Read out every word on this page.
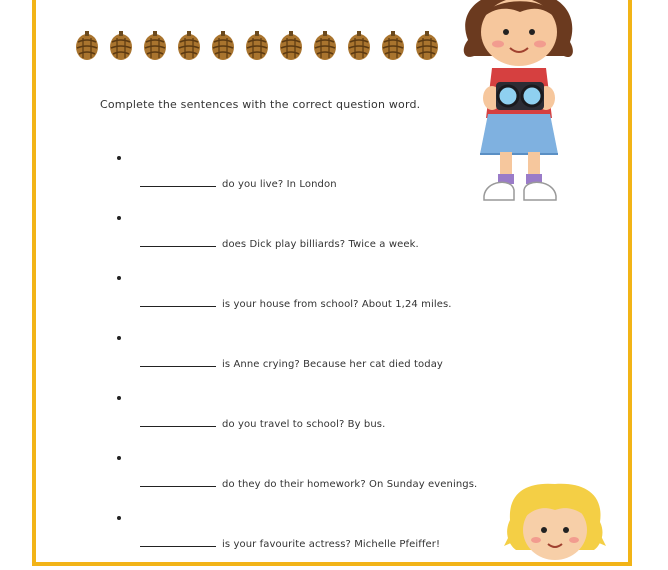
Complete the sentences with the correct question word.
do you live? In London
does Dick play billiards? Twice a week.
is your house from school? About 1,24 miles.
is Anne crying? Because her cat died today
do you travel to school? By bus.
do they do their homework? On Sunday evenings.
is your favourite actress? Michelle Pfeiffer!
